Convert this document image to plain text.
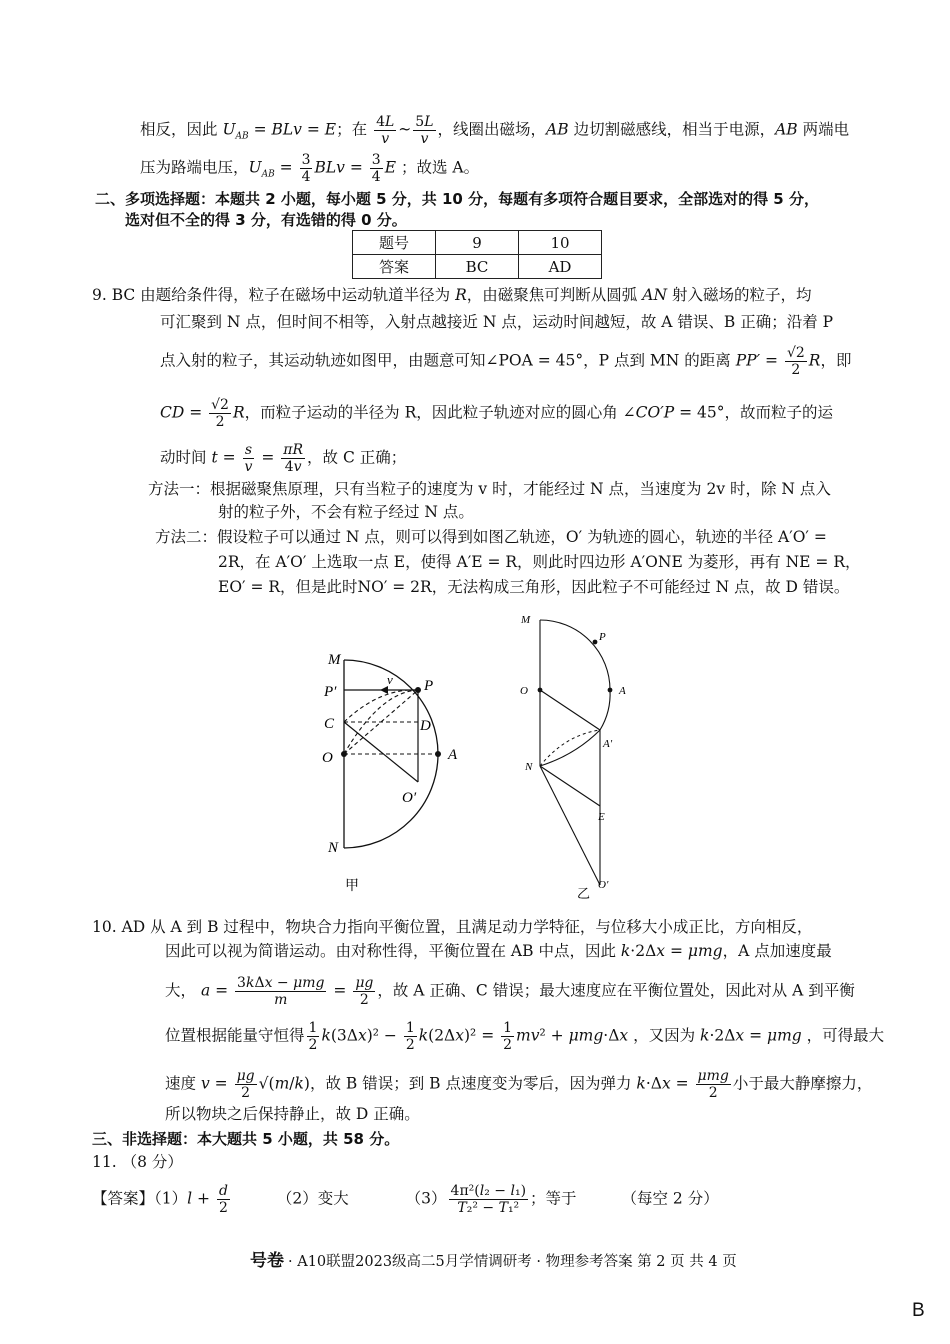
相反，因此 $U_{AB}$ = BLv = E；在 $\frac{4L}{v}$ ~ $\frac{5L}{v}$ ，线圈出磁场，AB 边切割磁感线，相当于电源，AB 两端电
压为路端电压，$U_{AB} = \frac{3}{4}$ BLv = $\frac{3}{4}$ E ；故选 A。
二、多项选择题：本题共 2 小题，每小题 5 分，共 10 分，每题有多项符合题目要求，全部选对的得 5 分，
选对但不全的得 3 分，有选错的得 0 分。
题号	9	10
答案	BC	AD
9. BC 由题给条件得，粒子在磁场中运动轨道半径为 R，由磁聚焦可判断从圆弧 AN 射入磁场的粒子，均
可汇聚到 N 点，但时间不相等，入射点越接近 N 点，运动时间越短，故 A 错误、B 正确；沿着 P
点入射的粒子，其运动轨迹如图甲，由题意可知∠POA = 45°，P 点到 MN 的距离 $PP' = \frac{√2}{2}$ R，即
CD = $\frac{√2}{2}$ R，而粒子运动的半径为 R，因此粒子轨迹对应的圆心角 ∠CO′P = 45°，故而粒子的运
动时间 $t = \frac{s}{v} = \frac{\pi R}{4v}$ ，故 C 正确；
方法一：根据磁聚焦原理，只有当粒子的速度为 v 时，才能经过 N 点，当速度为 2v 时，除 N 点入
射的粒子外，不会有粒子经过 N 点。
方法二：假设粒子可以通过 N 点，则可以得到如图乙轨迹，O′ 为轨迹的圆心，轨迹的半径 A′O′ =
2R，在 A′O′ 上选取一点 E，使得 A′E = R，则此时四边形 A′ONE 为菱形，再有 NE = R，
EO′ = R，但是此时NO′ = 2R，无法构成三角形，因此粒子不可能经过 N 点，故 D 错误。
M
P′	P
v
C	D
O	A
O′
N
甲
M
P
O	A
A′
N
E
O′
乙
10. AD 从 A 到 B 过程中，物块合力指向平衡位置，且满足动力学特征，与位移大小成正比，方向相反，
因此可以视为简谐运动。由对称性得，平衡位置在 AB 中点，因此 k·2Δx = μmg，A 点加速度最
大， $a = \frac{\text{3kΔx − μmg}}{m} = \frac{\mu g}{2}$ ，故 A 正确、C 错误；最大速度应在平衡位置处，因此对从 A 到平衡
位置根据能量守恒得 $\frac{1}{2} k(3\Delta x)^2 - \frac{1}{2} k(2\Delta x)^2 = \frac{1}{2} mv^2 + \mu mg\cdot\Delta x$ ，又因为 k·2Δx = μmg ，可得最大
速度 $v = \frac{\mu g}{2} √(m/k)$，故 B 错误；到 B 点速度变为零后，因为弹力 $k\cdot\Delta x = \frac{\text{μmg}}{2}$ 小于最大静摩擦力，
所以物块之后保持静止，故 D 正确。
三、非选择题：本大题共 5 小题，共 58 分。
11. （8 分）
【答案】$(1)l + \frac{d}{2}$	（2）变大	$(3) \frac{\text{4π²(l₂ − l₁)}}{\text{T₂² − T₁²}}$ ；等于	（每空 2 分）
号卷 · A10联盟2023级高二5月学情调研考 · 物理参考答案 第 2 页 共 4 页
B
